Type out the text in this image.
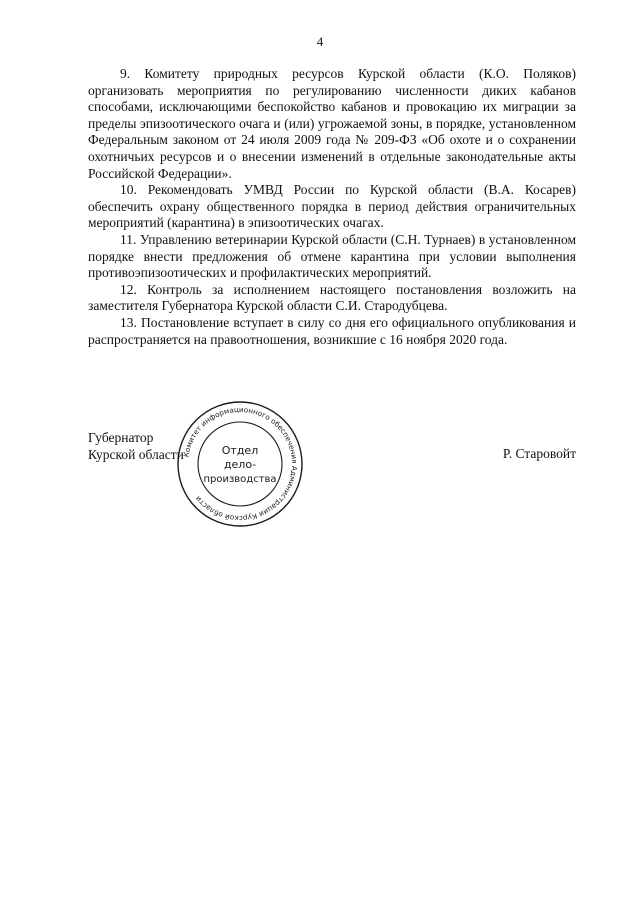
4

9. Комитету природных ресурсов Курской области (К.О. Поляков) организовать мероприятия по регулированию численности диких кабанов способами, исключающими беспокойство кабанов и провокацию их миграции за пределы эпизоотического очага и (или) угрожаемой зоны, в порядке, установленном Федеральным законом от 24 июля 2009 года № 209-ФЗ «Об охоте и о сохранении охотничьих ресурсов и о внесении изменений в отдельные законодательные акты Российской Федерации».

10. Рекомендовать УМВД России по Курской области (В.А. Косарев) обеспечить охрану общественного порядка в период действия ограничительных мероприятий (карантина) в эпизоотических очагах.

11. Управлению ветеринарии Курской области (С.Н. Турнаев) в установленном порядке внести предложения об отмене карантина при условии выполнения противоэпизоотических и профилактических мероприятий.

12. Контроль за исполнением настоящего постановления возложить на заместителя Губернатора Курской области С.И. Стародубцева.

13. Постановление вступает в силу со дня его официального опубликования и распространяется на правоотношения, возникшие с 16 ноября 2020 года.

Губернатор
Курской области
Комитет информационного обеспечения Администрации Курской области
Отдел
дело-
производства
Р. Старовойт
